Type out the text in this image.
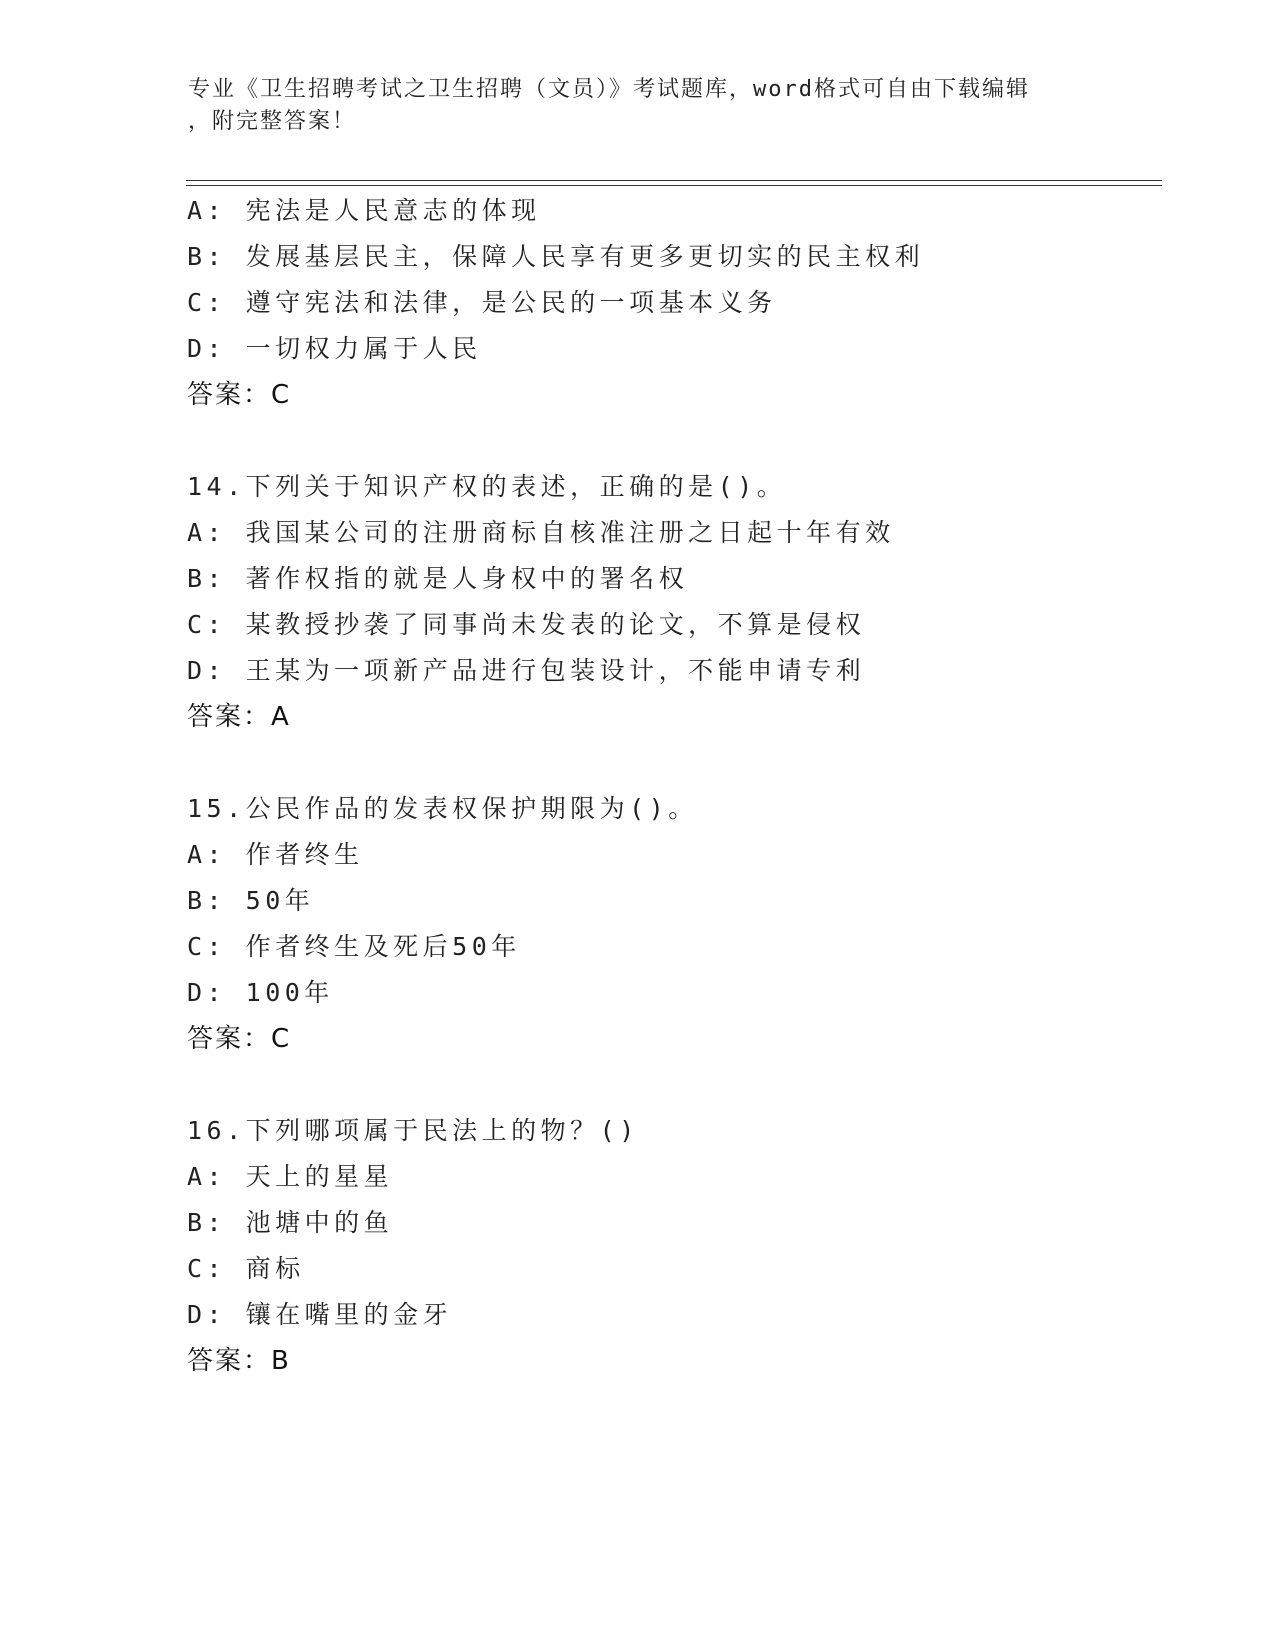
专业《卫生招聘考试之卫生招聘（文员）》考试题库，word格式可自由下载编辑
，附完整答案！
A: 宪法是人民意志的体现
B: 发展基层民主，保障人民享有更多更切实的民主权利
C: 遵守宪法和法律，是公民的一项基本义务
D: 一切权力属于人民
答案：C
14.下列关于知识产权的表述，正确的是()。
A: 我国某公司的注册商标自核准注册之日起十年有效
B: 著作权指的就是人身权中的署名权
C: 某教授抄袭了同事尚未发表的论文，不算是侵权
D: 王某为一项新产品进行包装设计，不能申请专利
答案：A
15.公民作品的发表权保护期限为()。
A: 作者终生
B: 50年
C: 作者终生及死后50年
D: 100年
答案：C
16.下列哪项属于民法上的物？()
A: 天上的星星
B: 池塘中的鱼
C: 商标
D: 镶在嘴里的金牙
答案：B
